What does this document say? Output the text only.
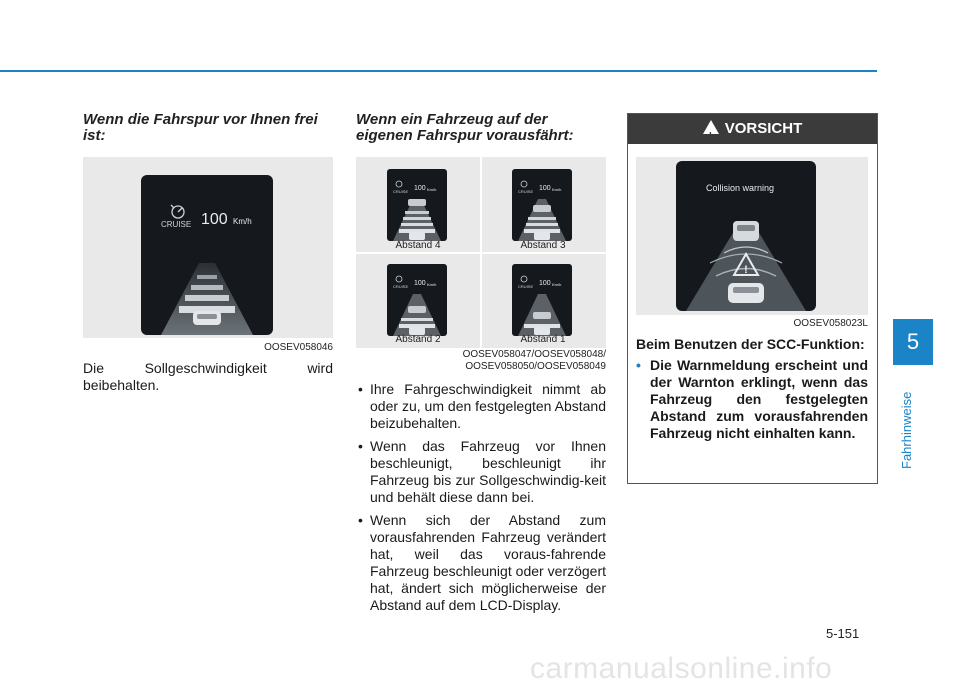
5
Fahrhinweise
Wenn die Fahrspur vor Ihnen frei ist:
CRUISE 100 Km/h
OOSEV058046
Die Sollgeschwindigkeit wird beibehalten.
Wenn ein Fahrzeug auf der eigenen Fahrspur vorausfährt:
CRUISE 100 Km/h
Abstand 4
CRUISE 100 Km/h
Abstand 3
CRUISE 100 Km/h
Abstand 2
CRUISE 100 Km/h
Abstand 1
OOSEV058047/OOSEV058048/
OOSEV058050/OOSEV058049
• Ihre Fahrgeschwindigkeit nimmt ab oder zu, um den festgelegten Abstand beizubehalten.
• Wenn das Fahrzeug vor Ihnen beschleunigt, beschleunigt ihr Fahrzeug bis zur Sollgeschwindig-keit und behält diese dann bei.
• Wenn sich der Abstand zum vorausfahrenden Fahrzeug verändert hat, weil das voraus-fahrende Fahrzeug beschleunigt oder verzögert hat, ändert sich möglicherweise der Abstand auf dem LCD-Display.
!VORSICHT
!
Collision warning
OOSEV058023L
Beim Benutzen der SCC-Funktion:
• Die Warnmeldung erscheint und der Warnton erklingt, wenn das Fahrzeug den festgelegten Abstand zum vorausfahrenden Fahrzeug nicht einhalten kann.
5-151
carmanualsonline.info
